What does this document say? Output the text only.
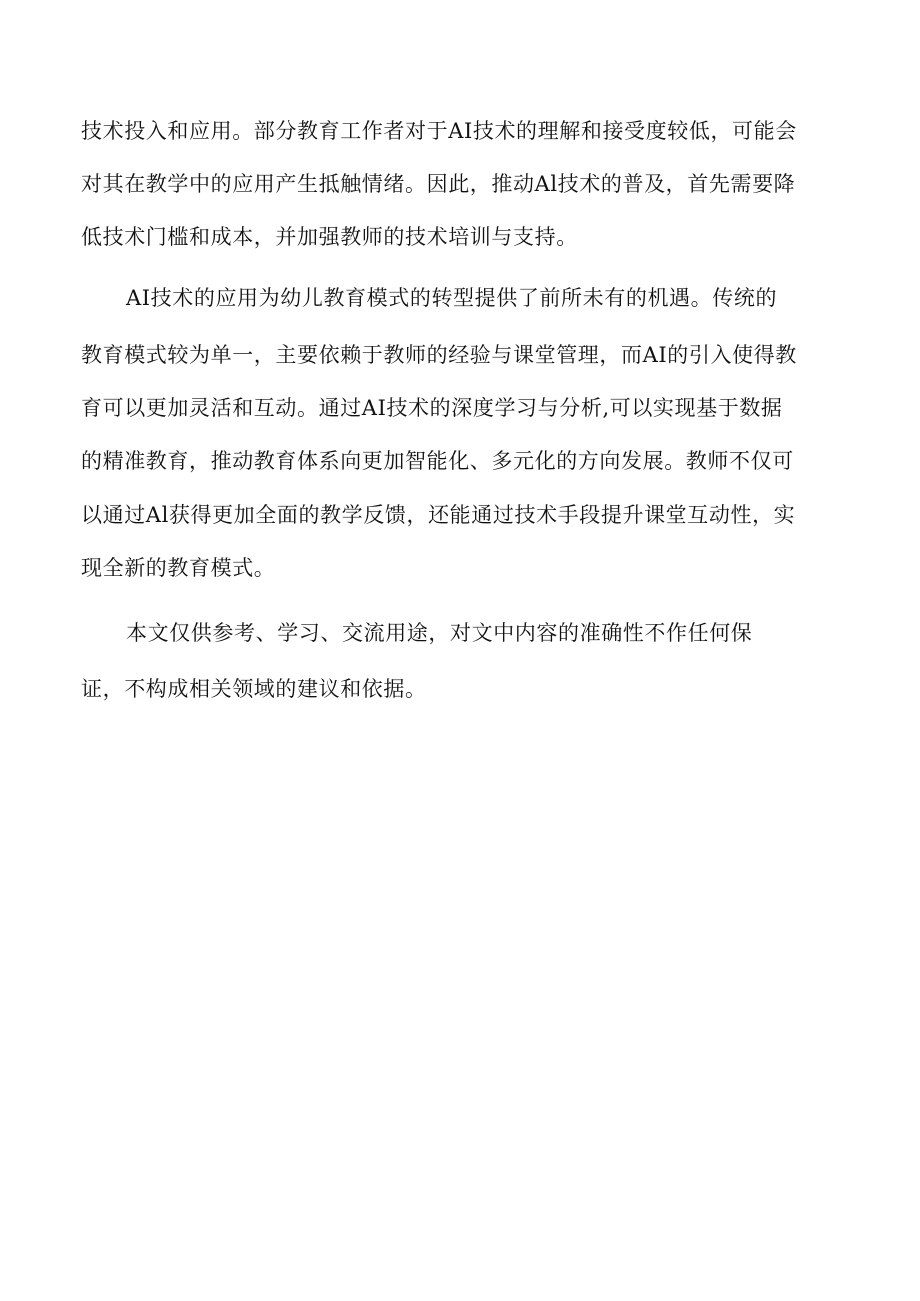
技术投入和应用。部分教育工作者对于AI技术的理解和接受度较低，可能会
对其在教学中的应用产生抵触情绪。因此，推动Al技术的普及，首先需要降
低技术门槛和成本，并加强教师的技术培训与支持。
AI技术的应用为幼儿教育模式的转型提供了前所未有的机遇。传统的
教育模式较为单一，主要依赖于教师的经验与课堂管理，而AI的引入使得教
育可以更加灵活和互动。通过AI技术的深度学习与分析,可以实现基于数据
的精准教育，推动教育体系向更加智能化、多元化的方向发展。教师不仅可
以通过Al获得更加全面的教学反馈，还能通过技术手段提升课堂互动性，实
现全新的教育模式。
本文仅供参考、学习、交流用途，对文中内容的准确性不作任何保
证，不构成相关领域的建议和依据。
